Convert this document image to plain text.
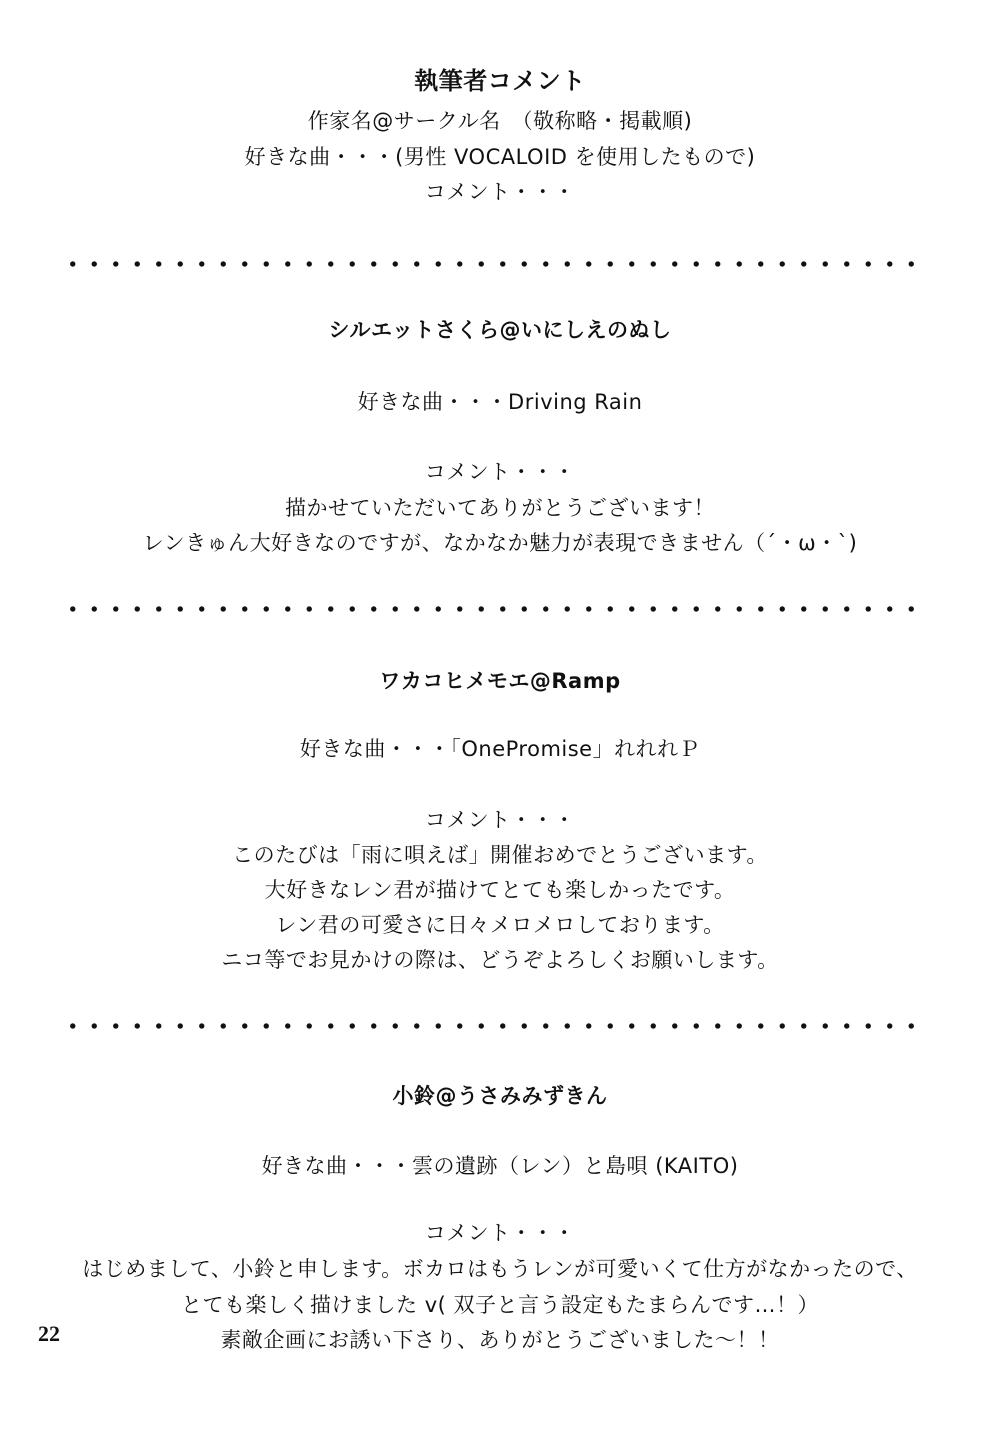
執筆者コメント
作家名@サークル名　（敬称略・掲載順)
好きな曲・・・(男性 VOCALOID を使用したもので)
コメント・・・
シルエットさくら@いにしえのぬし
好きな曲・・・Driving Rain
コメント・・・
描かせていただいてありがとうございます！
レンきゅん大好きなのですが、なかなか魅力が表現できません（´・ω・`)
ワカコヒメモエ@Ramp
好きな曲・・・「OnePromise」れれれＰ
コメント・・・
このたびは「雨に唄えば」開催おめでとうございます。
大好きなレン君が描けてとても楽しかったです。
レン君の可愛さに日々メロメロしております。
ニコ等でお見かけの際は、どうぞよろしくお願いします。
小鈴@うさみみずきん
好きな曲・・・雲の遺跡（レン）と島唄 (KAITO)
コメント・・・
はじめまして、小鈴と申します。ボカロはもうレンが可愛いくて仕方がなかったので、
とても楽しく描けました v( 双子と言う設定もたまらんです…！）
素敵企画にお誘い下さり、ありがとうございました～！！
22
